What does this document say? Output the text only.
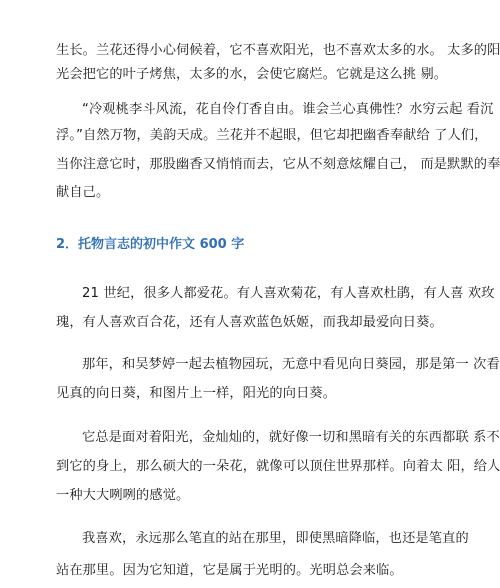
生长。兰花还得小心伺候着，它不喜欢阳光，也不喜欢太多的水。 太多的阳
光会把它的叶子烤焦，太多的水，会使它腐烂。它就是这么挑 剔。
“冷观桃李斗风流，花自伶仃香自由。谁会兰心真佛性？水穷云起 看沉
浮。”自然万物，美韵天成。兰花并不起眼，但它却把幽香奉献给 了人们，
当你注意它时，那股幽香又悄悄而去，它从不刻意炫耀自己， 而是默默的奉
献自己。
2．托物言志的初中作文 600 字
21 世纪，很多人都爱花。有人喜欢菊花，有人喜欢杜鹃，有人喜 欢玫
瑰，有人喜欢百合花，还有人喜欢蓝色妖姬，而我却最爱向日葵。
那年，和吴梦婷一起去植物园玩，无意中看见向日葵园，那是第一 次看
见真的向日葵，和图片上一样，阳光的向日葵。
它总是面对着阳光，金灿灿的，就好像一切和黑暗有关的东西都联 系不
到它的身上，那么硕大的一朵花，就像可以顶住世界那样。向着太 阳，给人
一种大大咧咧的感觉。
我喜欢，永远那么笔直的站在那里，即使黑暗降临，也还是笔直的
站在那里。因为它知道，它是属于光明的。光明总会来临。
